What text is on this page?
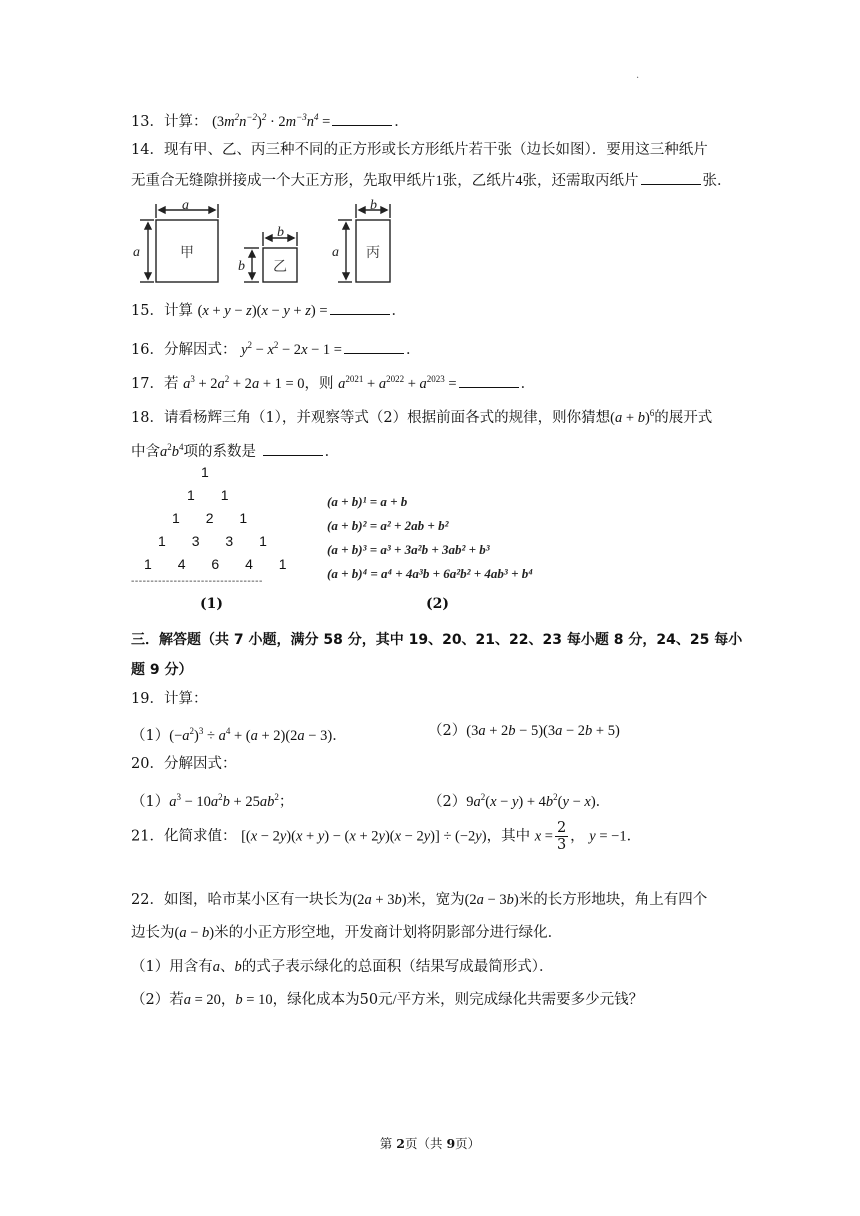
.
13．计算： $(3m^2n^{-2})^2 \cdot 2m^{-3}n^4$ =	．
14．现有甲、乙、丙三种不同的正方形或长方形纸片若干张（边长如图）．要用这三种纸片
无重合无缝隙拼接成一个大正方形，先取甲纸片1张，乙纸片4张，还需取丙纸片	张．
a
a
b
b
b
a
甲
乙
丙
15．计算 (x + y − z)(x − y + z) =	．
16．分解因式： $y^2 - x^2 - 2x - 1$ =	．
17．若 $a^3 + 2a^2 + 2a + 1 = 0$，则 $a^{2021} + a^{2022} + a^{2023}$ =	．
18．请看杨辉三角（1），并观察等式（2）根据前面各式的规律，则你猜想$(a + b)^6$的展开式
中含$a^2b^4$项的系数是	．
1
1 1
1 2 1
1 3 3 1
1 4 6 4 1
----------------------------------
(1)
(a + b)¹ = a + b
(a + b)² = a² + 2ab + b²
(a + b)³ = a³ + 3a²b + 3ab² + b³
(a + b)⁴ = a⁴ + 4a³b + 6a²b² + 4ab³ + b⁴
(2)
三．解答题（共 7 小题，满分 58 分，其中 19、20、21、22、23 每小题 8 分，24、25 每小
题 9 分）
19．计算：
$(1)(-a^2)^3 \div a^4 + (a + 2)(2a - 3)$．	（2）(3a + 2b − 5)(3a − 2b + 5)
20．分解因式：
$(1)a^3 - 10a^2b + 25ab^2$；	$(2)9a^2(x - y) + 4b^2(y - x)$．
21．化简求值： [(x − 2y)(x + y) − (x + 2y)(x − 2y)] ÷ (−2y)，其中 $x = \frac{2}{3}$ ， y = −1．
22．如图，哈市某小区有一块长为(2a + 3b)米，宽为(2a − 3b)米的长方形地块，角上有四个
边长为(a − b)米的小正方形空地，开发商计划将阴影部分进行绿化．
（1）用含有a、b的式子表示绿化的总面积（结果写成最简形式）．
（2）若a = 20，b = 10，绿化成本为50元/平方米，则完成绿化共需要多少元钱？
第 2页（共 9页）
